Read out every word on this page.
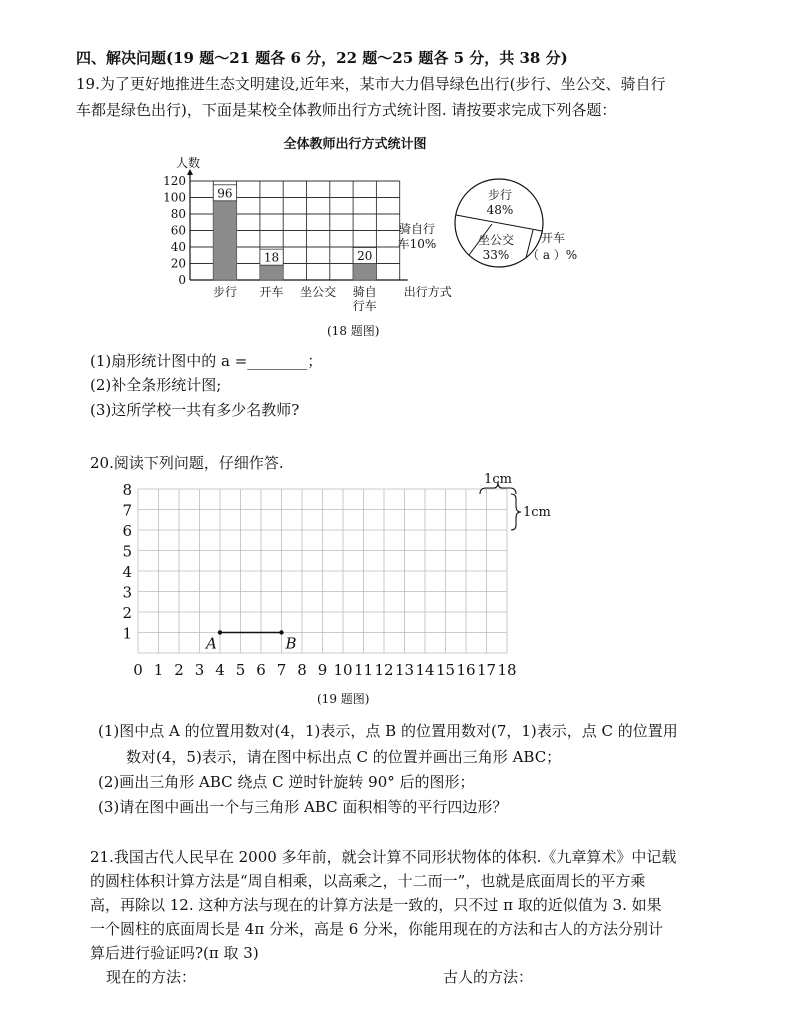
四、解决问题(19 题～21 题各 6 分，22 题～25 题各 5 分，共 38 分)
19.为了更好地推进生态文明建设,近年来，某市大力倡导绿色出行(步行、坐公交、骑自行
车都是绿色出行)，下面是某校全体教师出行方式统计图. 请按要求完成下列各题：
全体教师出行方式统计图
人数
120
100
80
60
40
20
0
96
步行
18
开车 坐公交
20
骑自
行车
出行方式
步行
48%
坐公交
33%
骑自行
车10%	开车
（ a ）%
(18 题图)
(1)扇形统计图中的 a =________；
(2)补全条形统计图;
(3)这所学校一共有多少名教师?
20.阅读下列问题，仔细作答.
0 1 2 3 4 5 6 7 8 9 10 11 12 13 14 15 16 17 18
1
2
3
4
5
6
7
8
A	B
1cm
1cm
(19 题图)
(1)图中点 A 的位置用数对(4，1)表示，点 B 的位置用数对(7，1)表示，点 C 的位置用
数对(4，5)表示，请在图中标出点 C 的位置并画出三角形 ABC；
(2)画出三角形 ABC 绕点 C 逆时针旋转 90° 后的图形；
(3)请在图中画出一个与三角形 ABC 面积相等的平行四边形？
21.我国古代人民早在 2000 多年前，就会计算不同形状物体的体积.《九章算术》中记载
的圆柱体积计算方法是“周自相乘，以高乘之，十二而一”，也就是底面周长的平方乘
高，再除以 12. 这种方法与现在的计算方法是一致的，只不过 π 取的近似值为 3. 如果
一个圆柱的底面周长是 4π 分米，高是 6 分米，你能用现在的方法和古人的方法分别计
算后进行验证吗?(π 取 3)
现在的方法：	古人的方法：
